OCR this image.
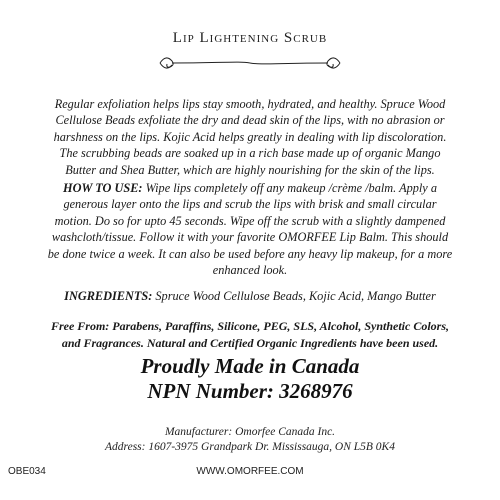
Lip Lightening Scrub
Regular exfoliation helps lips stay smooth, hydrated, and healthy. Spruce Wood Cellulose Beads exfoliate the dry and dead skin of the lips, with no abrasion or harshness on the lips. Kojic Acid helps greatly in dealing with lip discoloration. The scrubbing beads are soaked up in a rich base made up of organic Mango Butter and Shea Butter, which are highly nourishing for the skin of the lips.
HOW TO USE: Wipe lips completely off any makeup /crème /balm. Apply a generous layer onto the lips and scrub the lips with brisk and small circular motion. Do so for upto 45 seconds. Wipe off the scrub with a slightly dampened washcloth/tissue. Follow it with your favorite OMORFEE Lip Balm. This should be done twice a week. It can also be used before any heavy lip makeup, for a more enhanced look.
INGREDIENTS: Spruce Wood Cellulose Beads, Kojic Acid, Mango Butter
Free From: Parabens, Paraffins, Silicone, PEG, SLS, Alcohol, Synthetic Colors, and Fragrances. Natural and Certified Organic Ingredients have been used.
Proudly Made in Canada
NPN Number: 3268976
Manufacturer: Omorfee Canada Inc.
Address: 1607-3975 Grandpark Dr. Mississauga, ON L5B 0K4
OBE034	WWW.OMORFEE.COM
